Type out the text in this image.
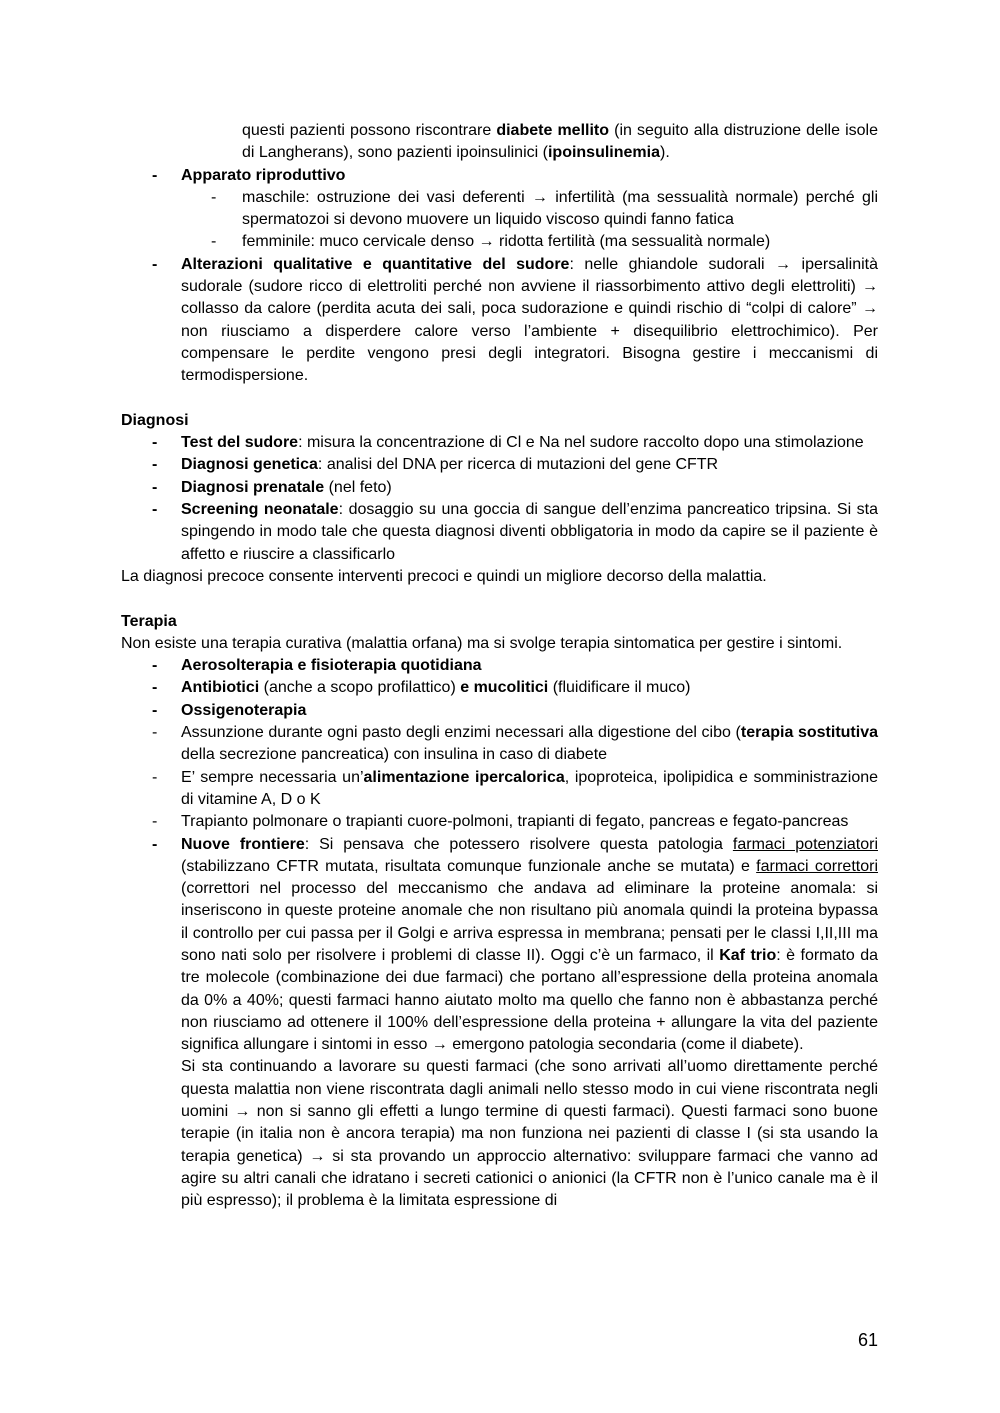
questi pazienti possono riscontrare diabete mellito (in seguito alla distruzione delle isole di Langherans), sono pazienti ipoinsulinici (ipoinsulinemia).

-	Apparato riproduttivo
-	maschile: ostruzione dei vasi deferenti → infertilità (ma sessualità normale) perché gli spermatozoi si devono muovere un liquido viscoso quindi fanno fatica
-	femminile: muco cervicale denso → ridotta fertilità (ma sessualità normale)
-	Alterazioni qualitative e quantitative del sudore: nelle ghiandole sudorali → ipersalinità sudorale (sudore ricco di elettroliti perché non avviene il riassorbimento attivo degli elettroliti) → collasso da calore (perdita acuta dei sali, poca sudorazione e quindi rischio di “colpi di calore” → non riusciamo a disperdere calore verso l’ambiente + disequilibrio elettrochimico). Per compensare le perdite vengono presi degli integratori. Bisogna gestire i meccanismi di termodispersione.

Diagnosi

-	Test del sudore: misura la concentrazione di Cl e Na nel sudore raccolto dopo una stimolazione

-	Diagnosi genetica: analisi del DNA per ricerca di mutazioni del gene CFTR

-	Diagnosi prenatale (nel feto)

-	Screening neonatale: dosaggio su una goccia di sangue dell’enzima pancreatico tripsina. Si sta spingendo in modo tale che questa diagnosi diventi obbligatoria in modo da capire se il paziente è affetto e riuscire a classificarlo

La diagnosi precoce consente interventi precoci e quindi un migliore decorso della malattia.

Terapia

Non esiste una terapia curativa (malattia orfana) ma si svolge terapia sintomatica per gestire i sintomi.

-	Aerosolterapia e fisioterapia quotidiana
-	Antibiotici (anche a scopo profilattico) e mucolitici (fluidificare il muco)

-	Ossigenoterapia
-	Assunzione durante ogni pasto degli enzimi necessari alla digestione del cibo (terapia sostitutiva della secrezione pancreatica) con insulina in caso di diabete

-	E’ sempre necessaria un’alimentazione ipercalorica, ipoproteica, ipolipidica e somministrazione di vitamine A, D o K

-	Trapianto polmonare o trapianti cuore-polmoni, trapianti di fegato, pancreas e fegato-pancreas

-	Nuove frontiere: Si pensava che potessero risolvere questa patologia farmaci potenziatori (stabilizzano CFTR mutata, risultata comunque funzionale anche se mutata) e farmaci correttori (correttori nel processo del meccanismo che andava ad eliminare la proteine anomala: si inseriscono in queste proteine anomale che non risultano più anomala quindi la proteina bypassa il controllo per cui passa per il Golgi e arriva espressa in membrana; pensati per le classi I,II,III ma sono nati solo per risolvere i problemi di classe II). Oggi c’è un farmaco, il Kaf trio: è formato da tre molecole (combinazione dei due farmaci) che portano all’espressione della proteina anomala da 0% a 40%; questi farmaci hanno aiutato molto ma quello che fanno non è abbastanza perché non riusciamo ad ottenere il 100% dell’espressione della proteina + allungare la vita del paziente significa allungare i sintomi in esso → emergono patologia secondaria (come il diabete).

Si sta continuando a lavorare su questi farmaci (che sono arrivati all’uomo direttamente perché questa malattia non viene riscontrata dagli animali nello stesso modo in cui viene riscontrata negli uomini → non si sanno gli effetti a lungo termine di questi farmaci). Questi farmaci sono buone terapie (in italia non è ancora terapia) ma non funziona nei pazienti di classe I (si sta usando la terapia genetica) → si sta provando un approccio alternativo: sviluppare farmaci che vanno ad agire su altri canali che idratano i secreti cationici o anionici (la CFTR non è l’unico canale ma è il più espresso); il problema è la limitata espressione di

61
